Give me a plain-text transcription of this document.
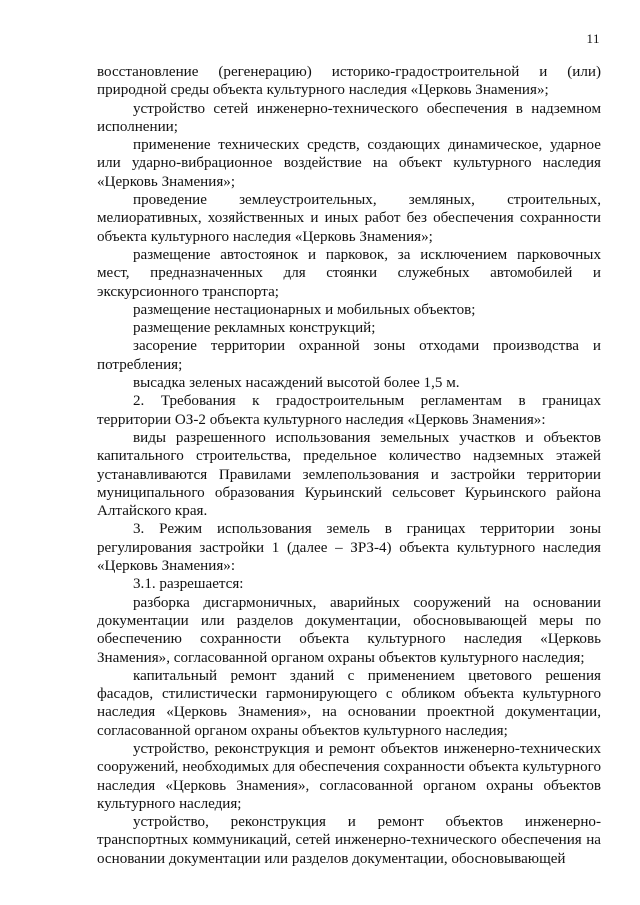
11

восстановление (регенерацию) историко-градостроительной и (или) природной среды объекта культурного наследия «Церковь Знамения»;

устройство сетей инженерно-технического обеспечения в надземном исполнении;

применение технических средств, создающих динамическое, ударное или ударно-вибрационное воздействие на объект культурного наследия «Церковь Знамения»;

проведение землеустроительных, земляных, строительных, мелиоративных, хозяйственных и иных работ без обеспечения сохранности объекта культурного наследия «Церковь Знамения»;

размещение автостоянок и парковок, за исключением парковочных мест, предназначенных для стоянки служебных автомобилей и экскурсионного транспорта;

размещение нестационарных и мобильных объектов;

размещение рекламных конструкций;

засорение территории охранной зоны отходами производства и потребления;

высадка зеленых насаждений высотой более 1,5 м.

2. Требования к градостроительным регламентам в границах территории ОЗ-2 объекта культурного наследия «Церковь Знамения»:

виды разрешенного использования земельных участков и объектов капитального строительства, предельное количество надземных этажей устанавливаются Правилами землепользования и застройки территории муниципального образования Курьинский сельсовет Курьинского района Алтайского края.

3. Режим использования земель в границах территории зоны регулирования застройки 1 (далее – ЗРЗ-4) объекта культурного наследия «Церковь Знамения»:

3.1. разрешается:

разборка дисгармоничных, аварийных сооружений на основании документации или разделов документации, обосновывающей меры по обеспечению сохранности объекта культурного наследия «Церковь Знамения», согласованной органом охраны объектов культурного наследия;

капитальный ремонт зданий с применением цветового решения фасадов, стилистически гармонирующего с обликом объекта культурного наследия «Церковь Знамения», на основании проектной документации, согласованной органом охраны объектов культурного наследия;

устройство, реконструкция и ремонт объектов инженерно-технических сооружений, необходимых для обеспечения сохранности объекта культурного наследия «Церковь Знамения», согласованной органом охраны объектов культурного наследия;

устройство, реконструкция и ремонт объектов инженерно-транспортных коммуникаций, сетей инженерно-технического обеспечения на основании документации или разделов документации, обосновывающей
